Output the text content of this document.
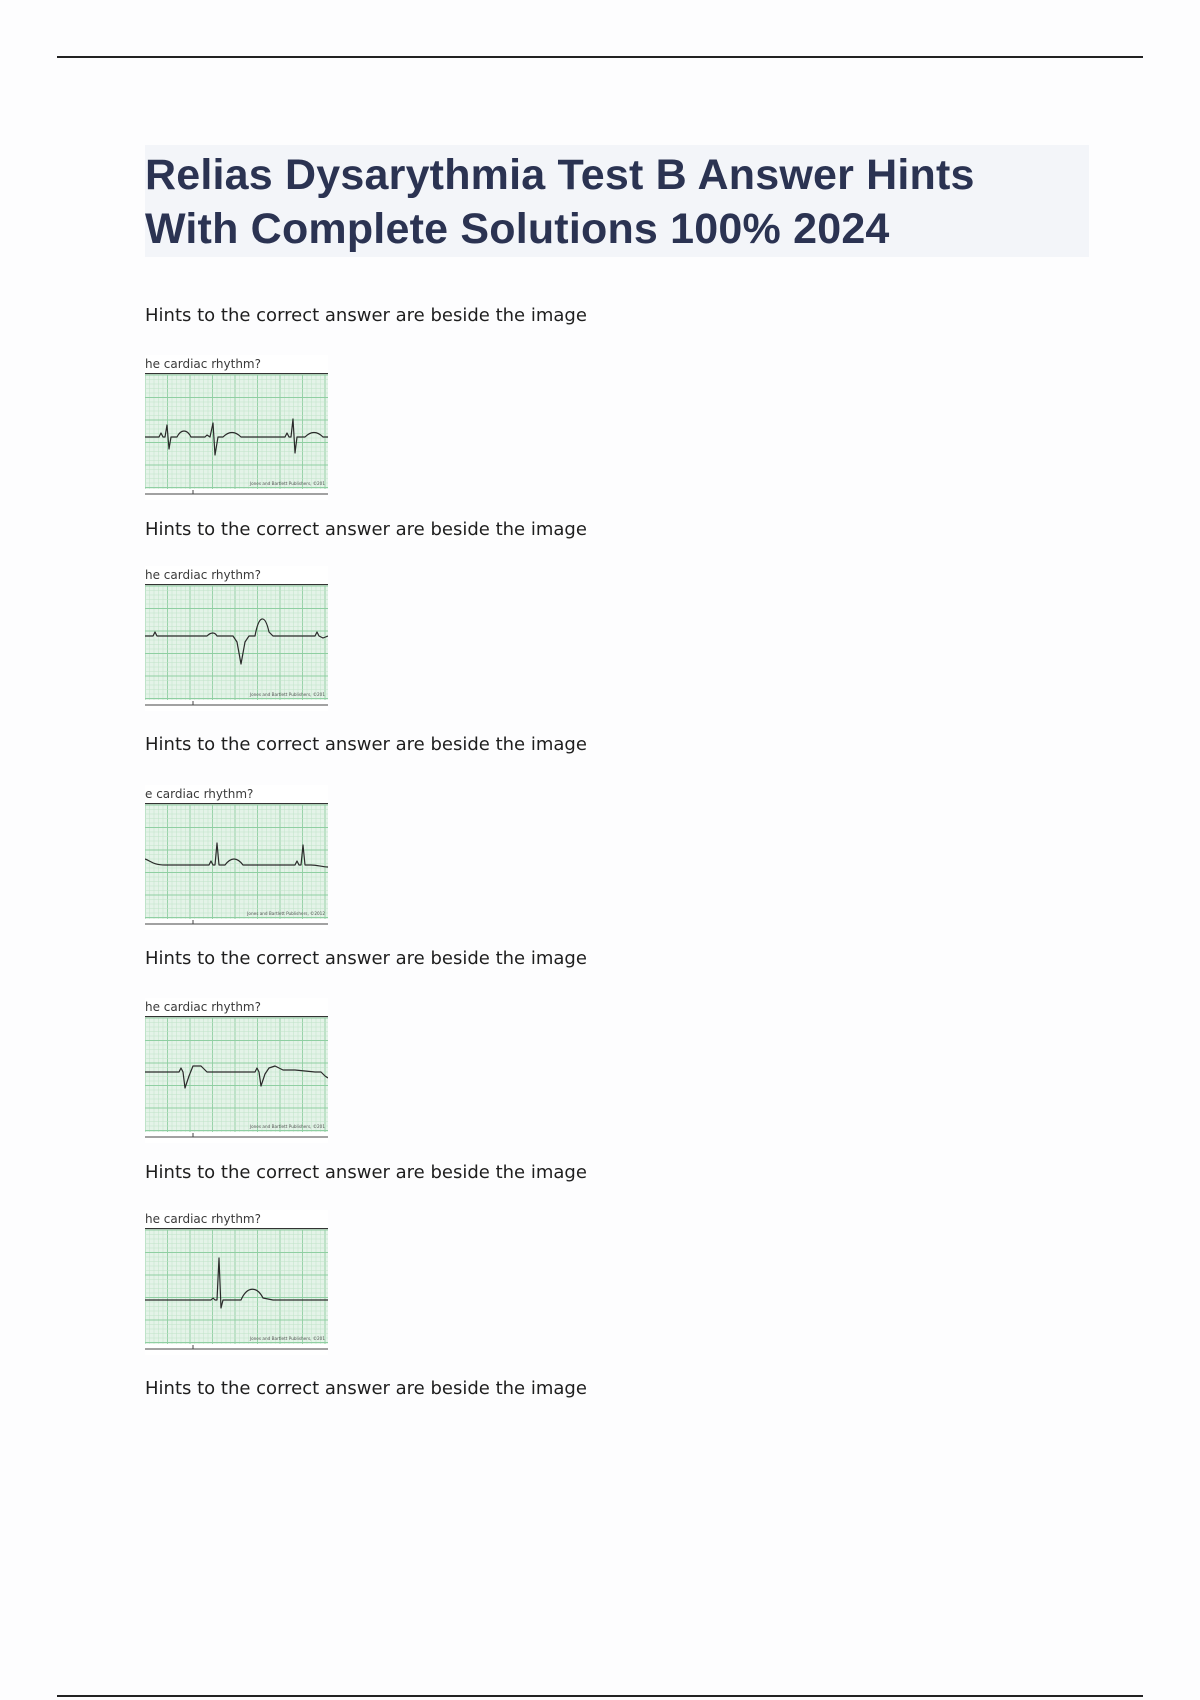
Relias Dysarythmia Test B Answer Hints
With Complete Solutions 100% 2024
Hints to the correct answer are beside the image
he cardiac rhythm?
Jones and Bartlett Publishers, ©201
Hints to the correct answer are beside the image
he cardiac rhythm?
Jones and Bartlett Publishers, ©201
Hints to the correct answer are beside the image
e cardiac rhythm?
Jones and Bartlett Publishers, ©2012
Hints to the correct answer are beside the image
he cardiac rhythm?
Jones and Bartlett Publishers, ©201
Hints to the correct answer are beside the image
he cardiac rhythm?
Jones and Bartlett Publishers, ©201
Hints to the correct answer are beside the image
